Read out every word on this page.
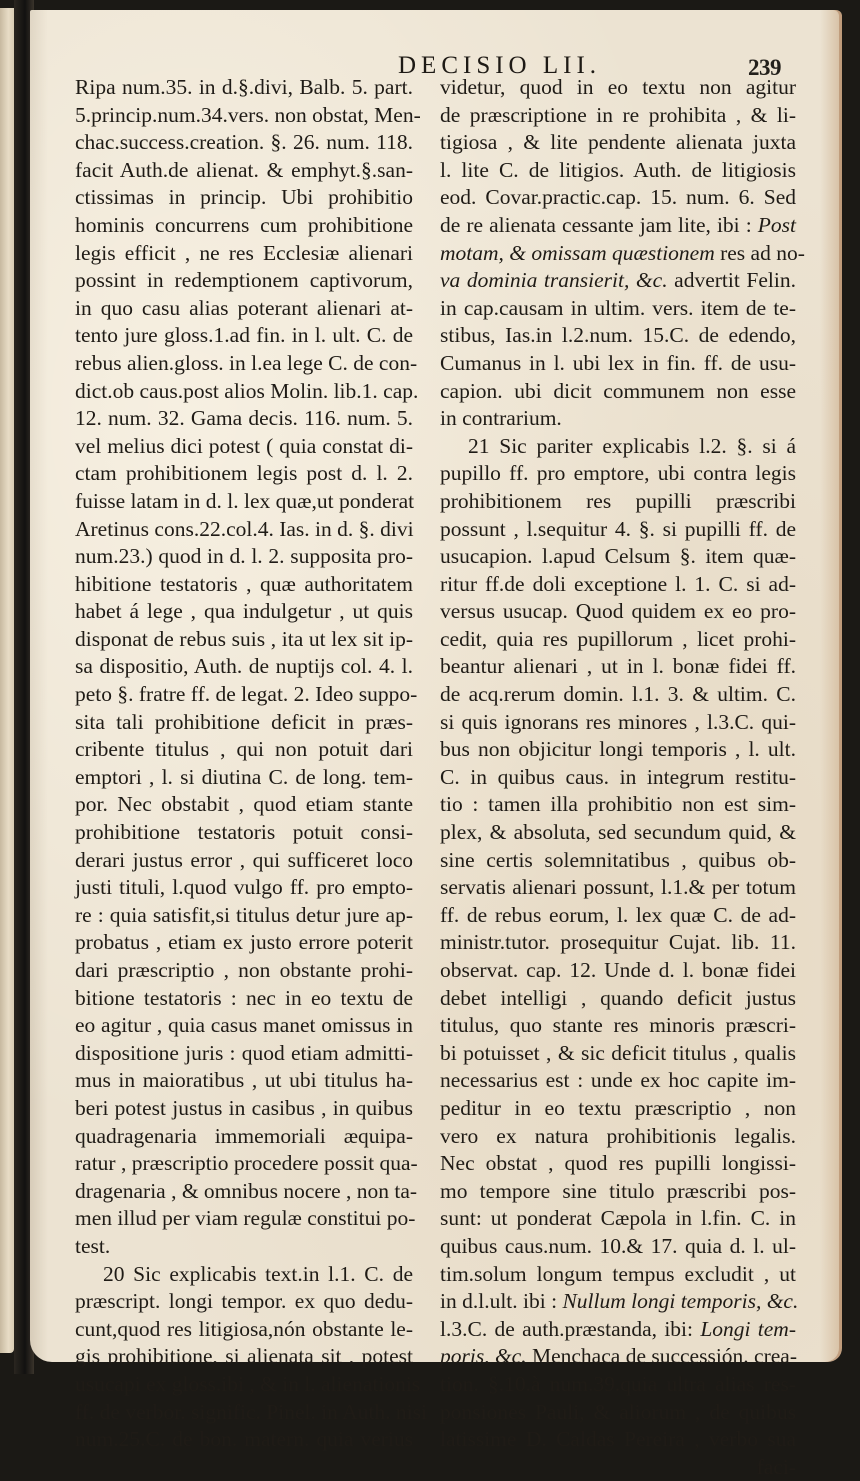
DECISIO LII.	239
Ripa num.35. in d.§.divi, Balb. 5. part.
5.princip.num.34.vers. non obstat, Men-
chac.success.creation. §. 26. num. 118.
facit Auth.de alienat. & emphyt.§.san-
ctissimas in princip. Ubi prohibitio
hominis concurrens cum prohibitione
legis efficit , ne res Ecclesiæ alienari
possint in redemptionem captivorum,
in quo casu alias poterant alienari at-
tento jure gloss.1.ad fin. in l. ult. C. de
rebus alien.gloss. in l.ea lege C. de con-
dict.ob caus.post alios Molin. lib.1. cap.
12. num. 32. Gama decis. 116. num. 5.
vel melius dici potest ( quia constat di-
ctam prohibitionem legis post d. l. 2.
fuisse latam in d. l. lex quæ,ut ponderat
Aretinus cons.22.col.4. Ias. in d. §. divi
num.23.) quod in d. l. 2. supposita pro-
hibitione testatoris , quæ authoritatem
habet á lege , qua indulgetur , ut quis
disponat de rebus suis , ita ut lex sit ip-
sa dispositio, Auth. de nuptijs col. 4. l.
peto §. fratre ff. de legat. 2. Ideo suppo-
sita tali prohibitione deficit in præs-
cribente titulus , qui non potuit dari
emptori , l. si diutina C. de long. tem-
por. Nec obstabit , quod etiam stante
prohibitione testatoris potuit consi-
derari justus error , qui sufficeret loco
justi tituli, l.quod vulgo ff. pro empto-
re : quia satisfit,si titulus detur jure ap-
probatus , etiam ex justo errore poterit
dari præscriptio , non obstante prohi-
bitione testatoris : nec in eo textu de
eo agitur , quia casus manet omissus in
dispositione juris : quod etiam admitti-
mus in maioratibus , ut ubi titulus ha-
beri potest justus in casibus , in quibus
quadragenaria immemoriali æquipa-
ratur , præscriptio procedere possit qua-
dragenaria , & omnibus nocere , non ta-
men illud per viam regulæ constitui po-
test.
20 Sic explicabis text.in l.1. C. de
præscript. longi tempor. ex quo dedu-
cunt,quod res litigiosa,nón obstante le-
gis prohibitione, si alienata sit , potest
usucapi ex gloss.ibi , & in l. alienationis
ff. de verbor. signific. Pinel. in Auth. nisi
num.25.C. de bon. matern. quia verius
videtur, quod in eo textu non agitur
de præscriptione in re prohibita , & li-
tigiosa , & lite pendente alienata juxta
l. lite C. de litigios. Auth. de litigiosis
eod. Covar.practic.cap. 15. num. 6. Sed
de re alienata cessante jam lite, ibi : Post
motam, & omissam quæstionem res ad no-
va dominia transierit, &c. advertit Felin.
in cap.causam in ultim. vers. item de te-
stibus, Ias.in l.2.num. 15.C. de edendo,
Cumanus in l. ubi lex in fin. ff. de usu-
capion. ubi dicit communem non esse
in contrarium.
21 Sic pariter explicabis l.2. §. si á
pupillo ff. pro emptore, ubi contra legis
prohibitionem res pupilli præscribi
possunt , l.sequitur 4. §. si pupilli ff. de
usucapion. l.apud Celsum §. item quæ-
ritur ff.de doli exceptione l. 1. C. si ad-
versus usucap. Quod quidem ex eo pro-
cedit, quia res pupillorum , licet prohi-
beantur alienari , ut in l. bonæ fidei ff.
de acq.rerum domin. l.1. 3. & ultim. C.
si quis ignorans res minores , l.3.C. qui-
bus non objicitur longi temporis , l. ult.
C. in quibus caus. in integrum restitu-
tio : tamen illa prohibitio non est sim-
plex, & absoluta, sed secundum quid, &
sine certis solemnitatibus , quibus ob-
servatis alienari possunt, l.1.& per totum
ff. de rebus eorum, l. lex quæ C. de ad-
ministr.tutor. prosequitur Cujat. lib. 11.
observat. cap. 12. Unde d. l. bonæ fidei
debet intelligi , quando deficit justus
titulus, quo stante res minoris præscri-
bi potuisset , & sic deficit titulus , qualis
necessarius est : unde ex hoc capite im-
peditur in eo textu præscriptio , non
vero ex natura prohibitionis legalis.
Nec obstat , quod res pupilli longissi-
mo tempore sine titulo præscribi pos-
sunt: ut ponderat Cæpola in l.fin. C. in
quibus caus.num. 10.& 17. quia d. l. ul-
tim.solum longum tempus excludit , ut
in d.l.ult. ibi : Nullum longi temporis, &c.
l.3.C. de auth.præstanda, ibi: Longi tem-
poris, &c. Menchaca de successión. crea-
tion. §.10.à num.39.quia ultra alias res-
ponsiones Pauli, & aliorum , de quibus
latissime D. Caldas Pereira , verbo sua
faci-
